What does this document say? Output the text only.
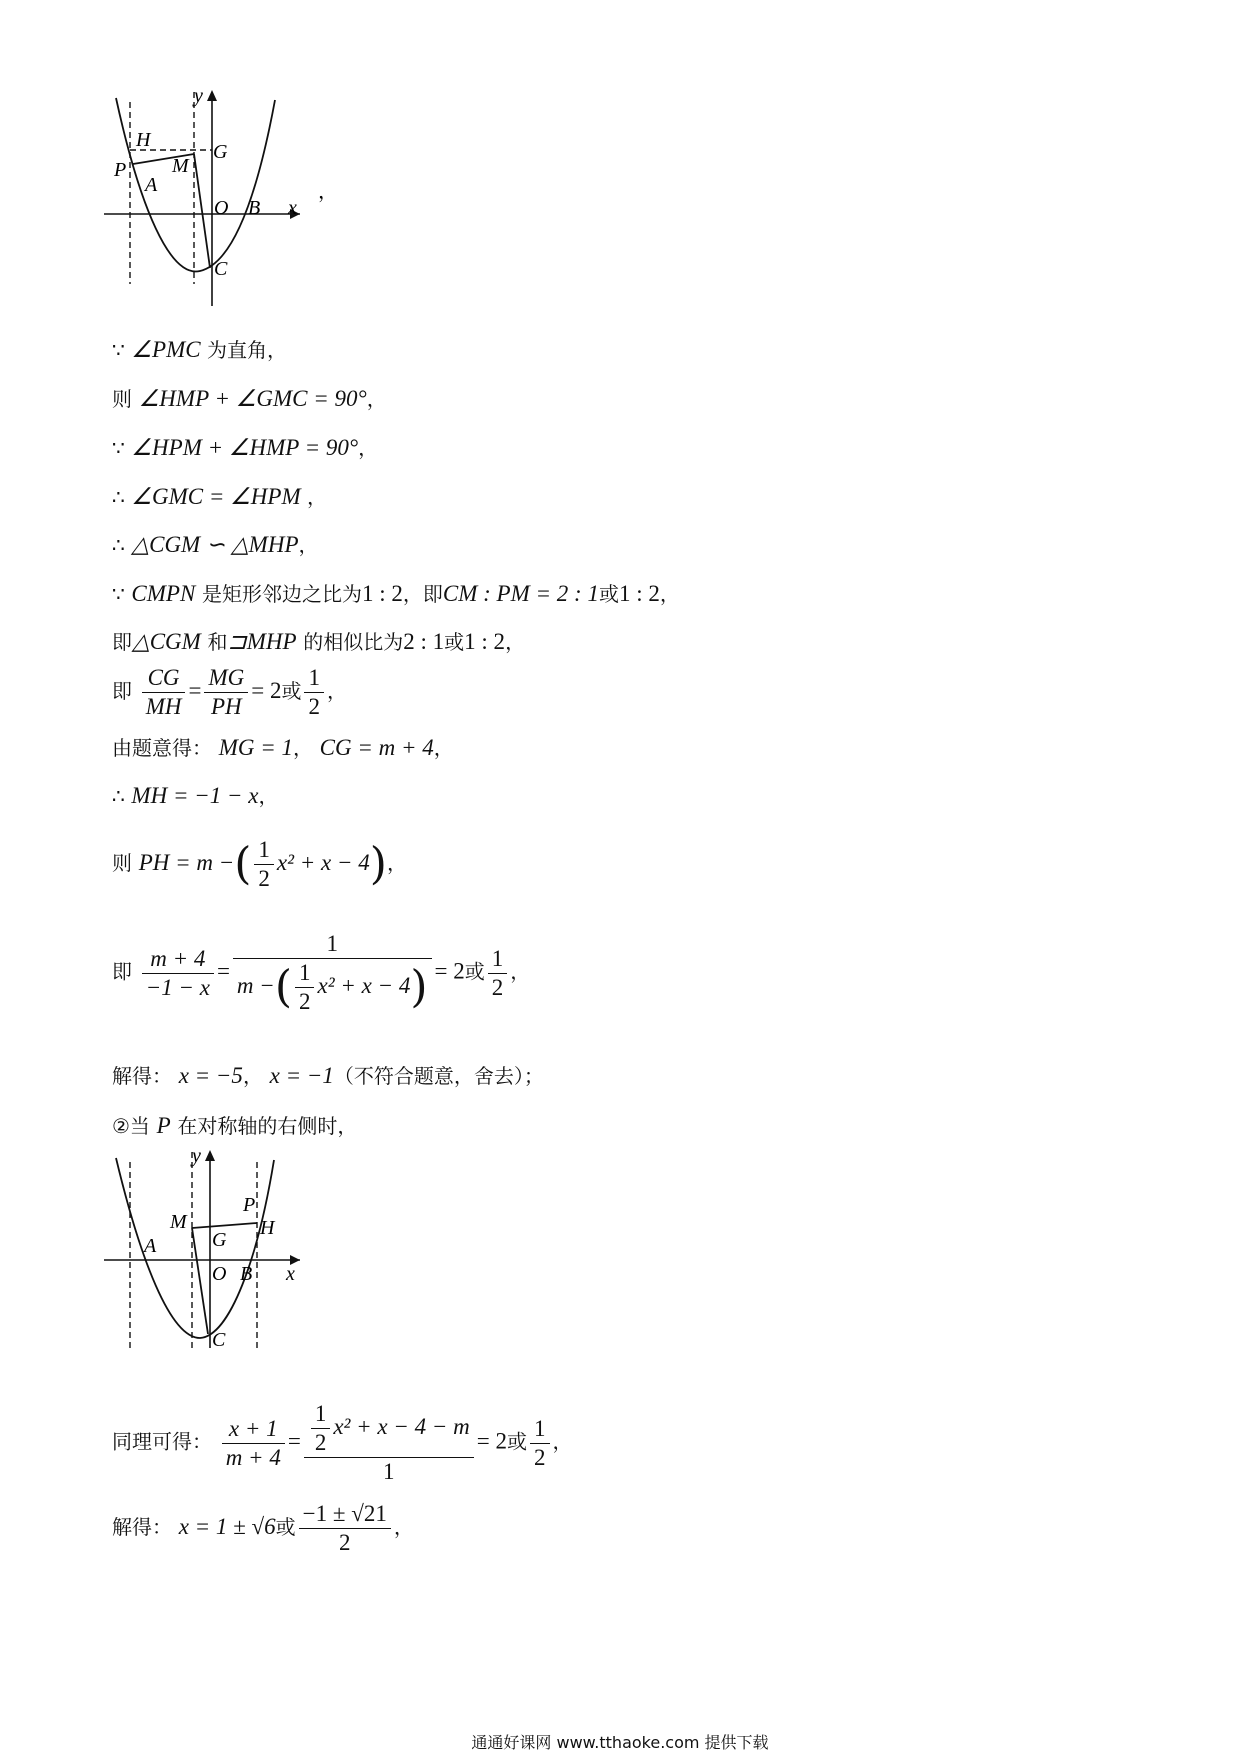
y
H
G
P M
A
O B x
C
，
∵ ∠PMC 为直角，
则 ∠HMP + ∠GMC = 90°，
∵ ∠HPM + ∠HMP = 90°，
∴ ∠GMC = ∠HPM ，
∴ △CGM ∽ △MHP，
∵ CMPN 是矩形邻边之比为1 : 2，即CM : PM = 2 : 1或1 : 2，
即△CGM 和⊐MHP 的相似比为2 : 1或1 : 2，
即 $\frac{CG}{MH} = \frac{MG}{PH} = 2$或 $\frac{1}{2}$ ，
由题意得： MG = 1， CG = m + 4，
∴ MH = −1 − x，
则 PH = m −( $\frac{1}{2} x^2 + x - 4$)，
即 $\frac{m + 4}{-1 - x} = \frac{1}{m -( \frac{1}{2} x^2 + x - 4)} = 2$或 $\frac{1}{2}$ ，
解得： x = −5， x = −1（不符合题意，舍去）；
②当 P 在对称轴的右侧时，
y
P
M	H
G
A
O B x
C
同理可得： $\frac{x + 1}{m + 4} = \frac{\frac{1}{2} x^2 + x - 4 - m}{1} = 2$或 $\frac{1}{2}$ ，
解得： x = 1 ± √6或 $\frac{-1 \pm √21}{2}$ ，
通通好课网 www.tthaoke.com 提供下载
